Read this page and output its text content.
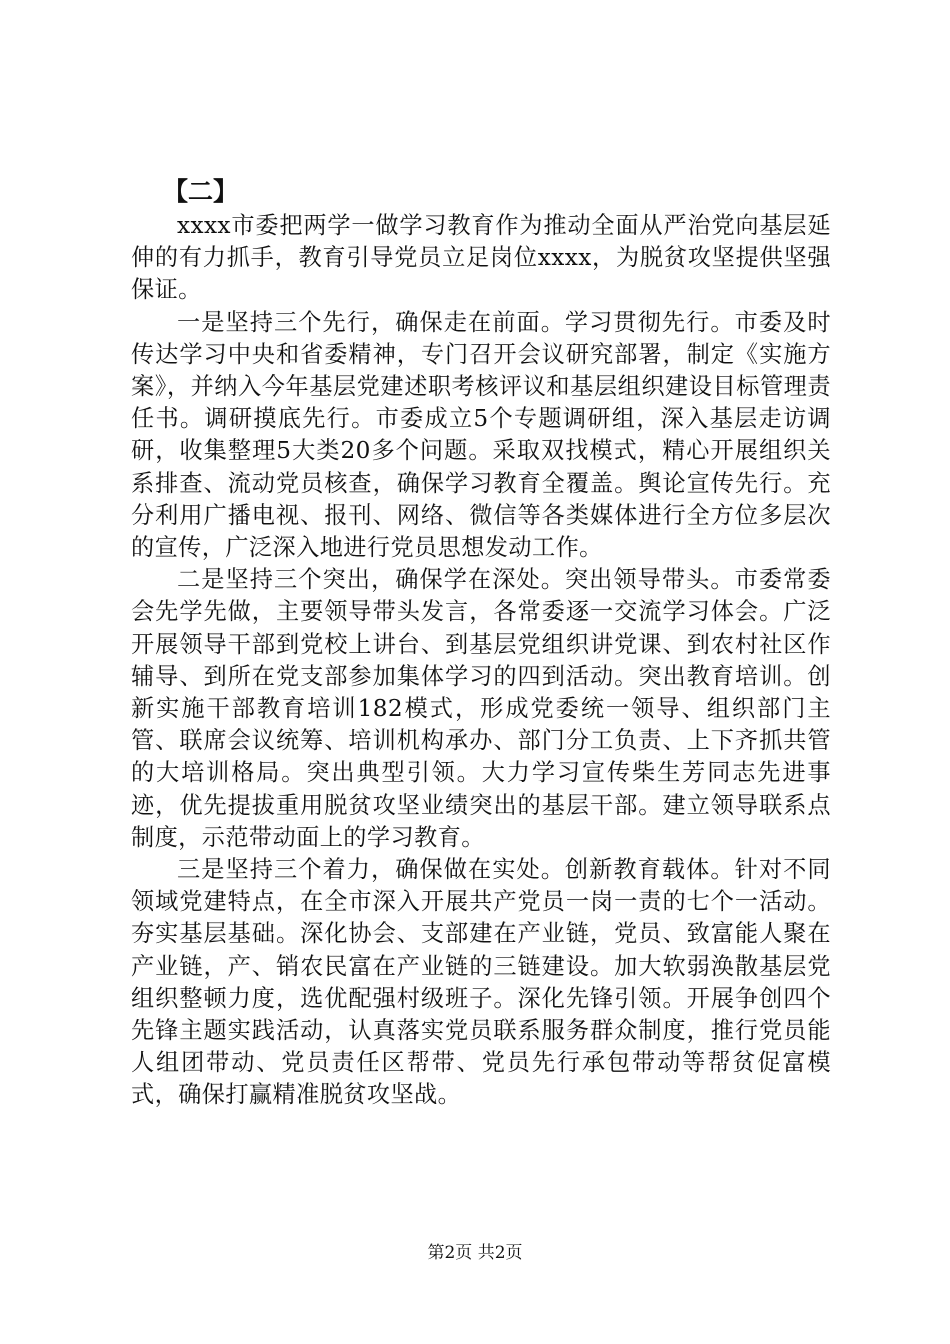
【二】

xxxx市委把两学一做学习教育作为推动全面从严治党向基层延伸的有力抓手，教育引导党员立足岗位xxxx，为脱贫攻坚提供坚强保证。

一是坚持三个先行，确保走在前面。学习贯彻先行。市委及时传达学习中央和省委精神，专门召开会议研究部署，制定《实施方案》，并纳入今年基层党建述职考核评议和基层组织建设目标管理责任书。调研摸底先行。市委成立5个专题调研组，深入基层走访调研，收集整理5大类20多个问题。采取双找模式，精心开展组织关系排查、流动党员核查，确保学习教育全覆盖。舆论宣传先行。充分利用广播电视、报刊、网络、微信等各类媒体进行全方位多层次的宣传，广泛深入地进行党员思想发动工作。

二是坚持三个突出，确保学在深处。突出领导带头。市委常委会先学先做，主要领导带头发言，各常委逐一交流学习体会。广泛开展领导干部到党校上讲台、到基层党组织讲党课、到农村社区作辅导、到所在党支部参加集体学习的四到活动。突出教育培训。创新实施干部教育培训182模式，形成党委统一领导、组织部门主管、联席会议统筹、培训机构承办、部门分工负责、上下齐抓共管的大培训格局。突出典型引领。大力学习宣传柴生芳同志先进事迹，优先提拔重用脱贫攻坚业绩突出的基层干部。建立领导联系点制度，示范带动面上的学习教育。

三是坚持三个着力，确保做在实处。创新教育载体。针对不同领域党建特点，在全市深入开展共产党员一岗一责的七个一活动。夯实基层基础。深化协会、支部建在产业链，党员、致富能人聚在产业链，产、销农民富在产业链的三链建设。加大软弱涣散基层党组织整顿力度，选优配强村级班子。深化先锋引领。开展争创四个先锋主题实践活动，认真落实党员联系服务群众制度，推行党员能人组团带动、党员责任区帮带、党员先行承包带动等帮贫促富模式，确保打赢精准脱贫攻坚战。

第2页 共2页
